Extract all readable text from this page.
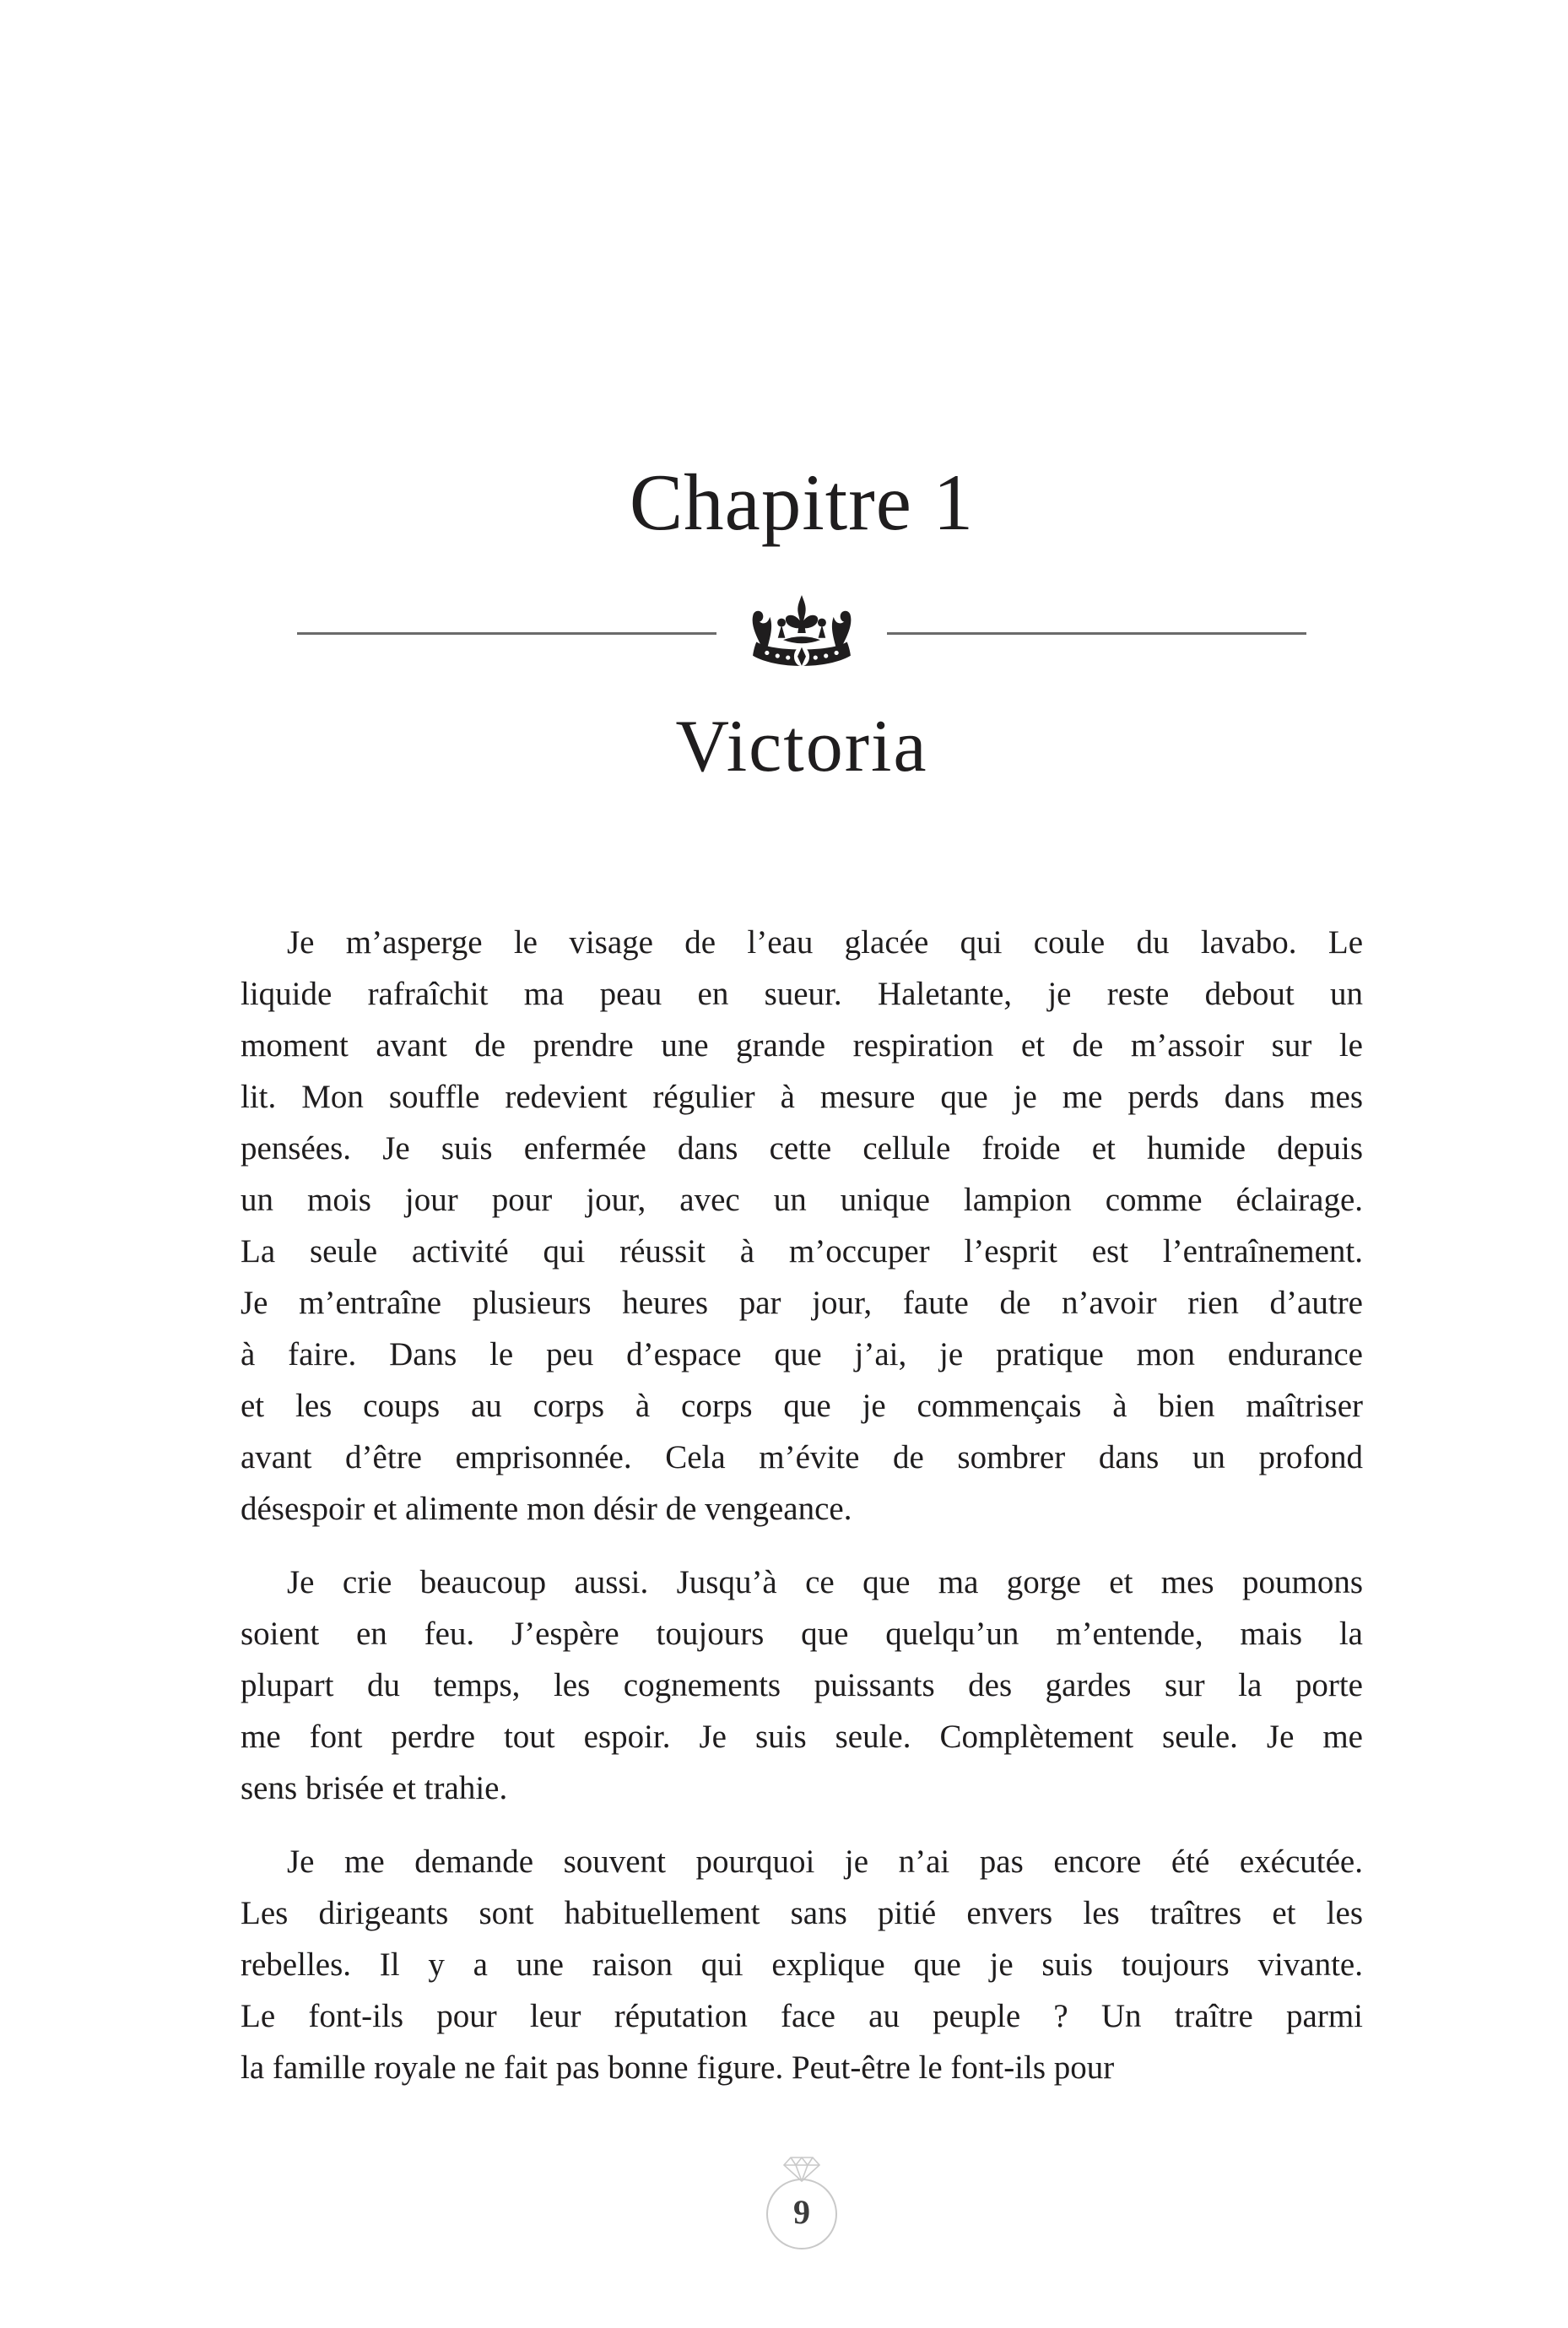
Chapitre 1
Victoria

Je m’asperge le visage de l’eau glacée qui coule du lavabo. Le
liquide rafraîchit ma peau en sueur. Haletante, je reste debout un
moment avant de prendre une grande respiration et de m’assoir sur le
lit. Mon souffle redevient régulier à mesure que je me perds dans mes
pensées. Je suis enfermée dans cette cellule froide et humide depuis
un mois jour pour jour, avec un unique lampion comme éclairage.
La seule activité qui réussit à m’occuper l’esprit est l’entraînement.
Je m’entraîne plusieurs heures par jour, faute de n’avoir rien d’autre
à faire. Dans le peu d’espace que j’ai, je pratique mon endurance
et les coups au corps à corps que je commençais à bien maîtriser
avant d’être emprisonnée. Cela m’évite de sombrer dans un profond
désespoir et alimente mon désir de vengeance.

Je crie beaucoup aussi. Jusqu’à ce que ma gorge et mes poumons
soient en feu. J’espère toujours que quelqu’un m’entende, mais la
plupart du temps, les cognements puissants des gardes sur la porte
me font perdre tout espoir. Je suis seule. Complètement seule. Je me
sens brisée et trahie.

Je me demande souvent pourquoi je n’ai pas encore été exécutée.
Les dirigeants sont habituellement sans pitié envers les traîtres et les
rebelles. Il y a une raison qui explique que je suis toujours vivante.
Le font-ils pour leur réputation face au peuple ? Un traître parmi
la famille royale ne fait pas bonne figure. Peut-être le font-ils pour

9
